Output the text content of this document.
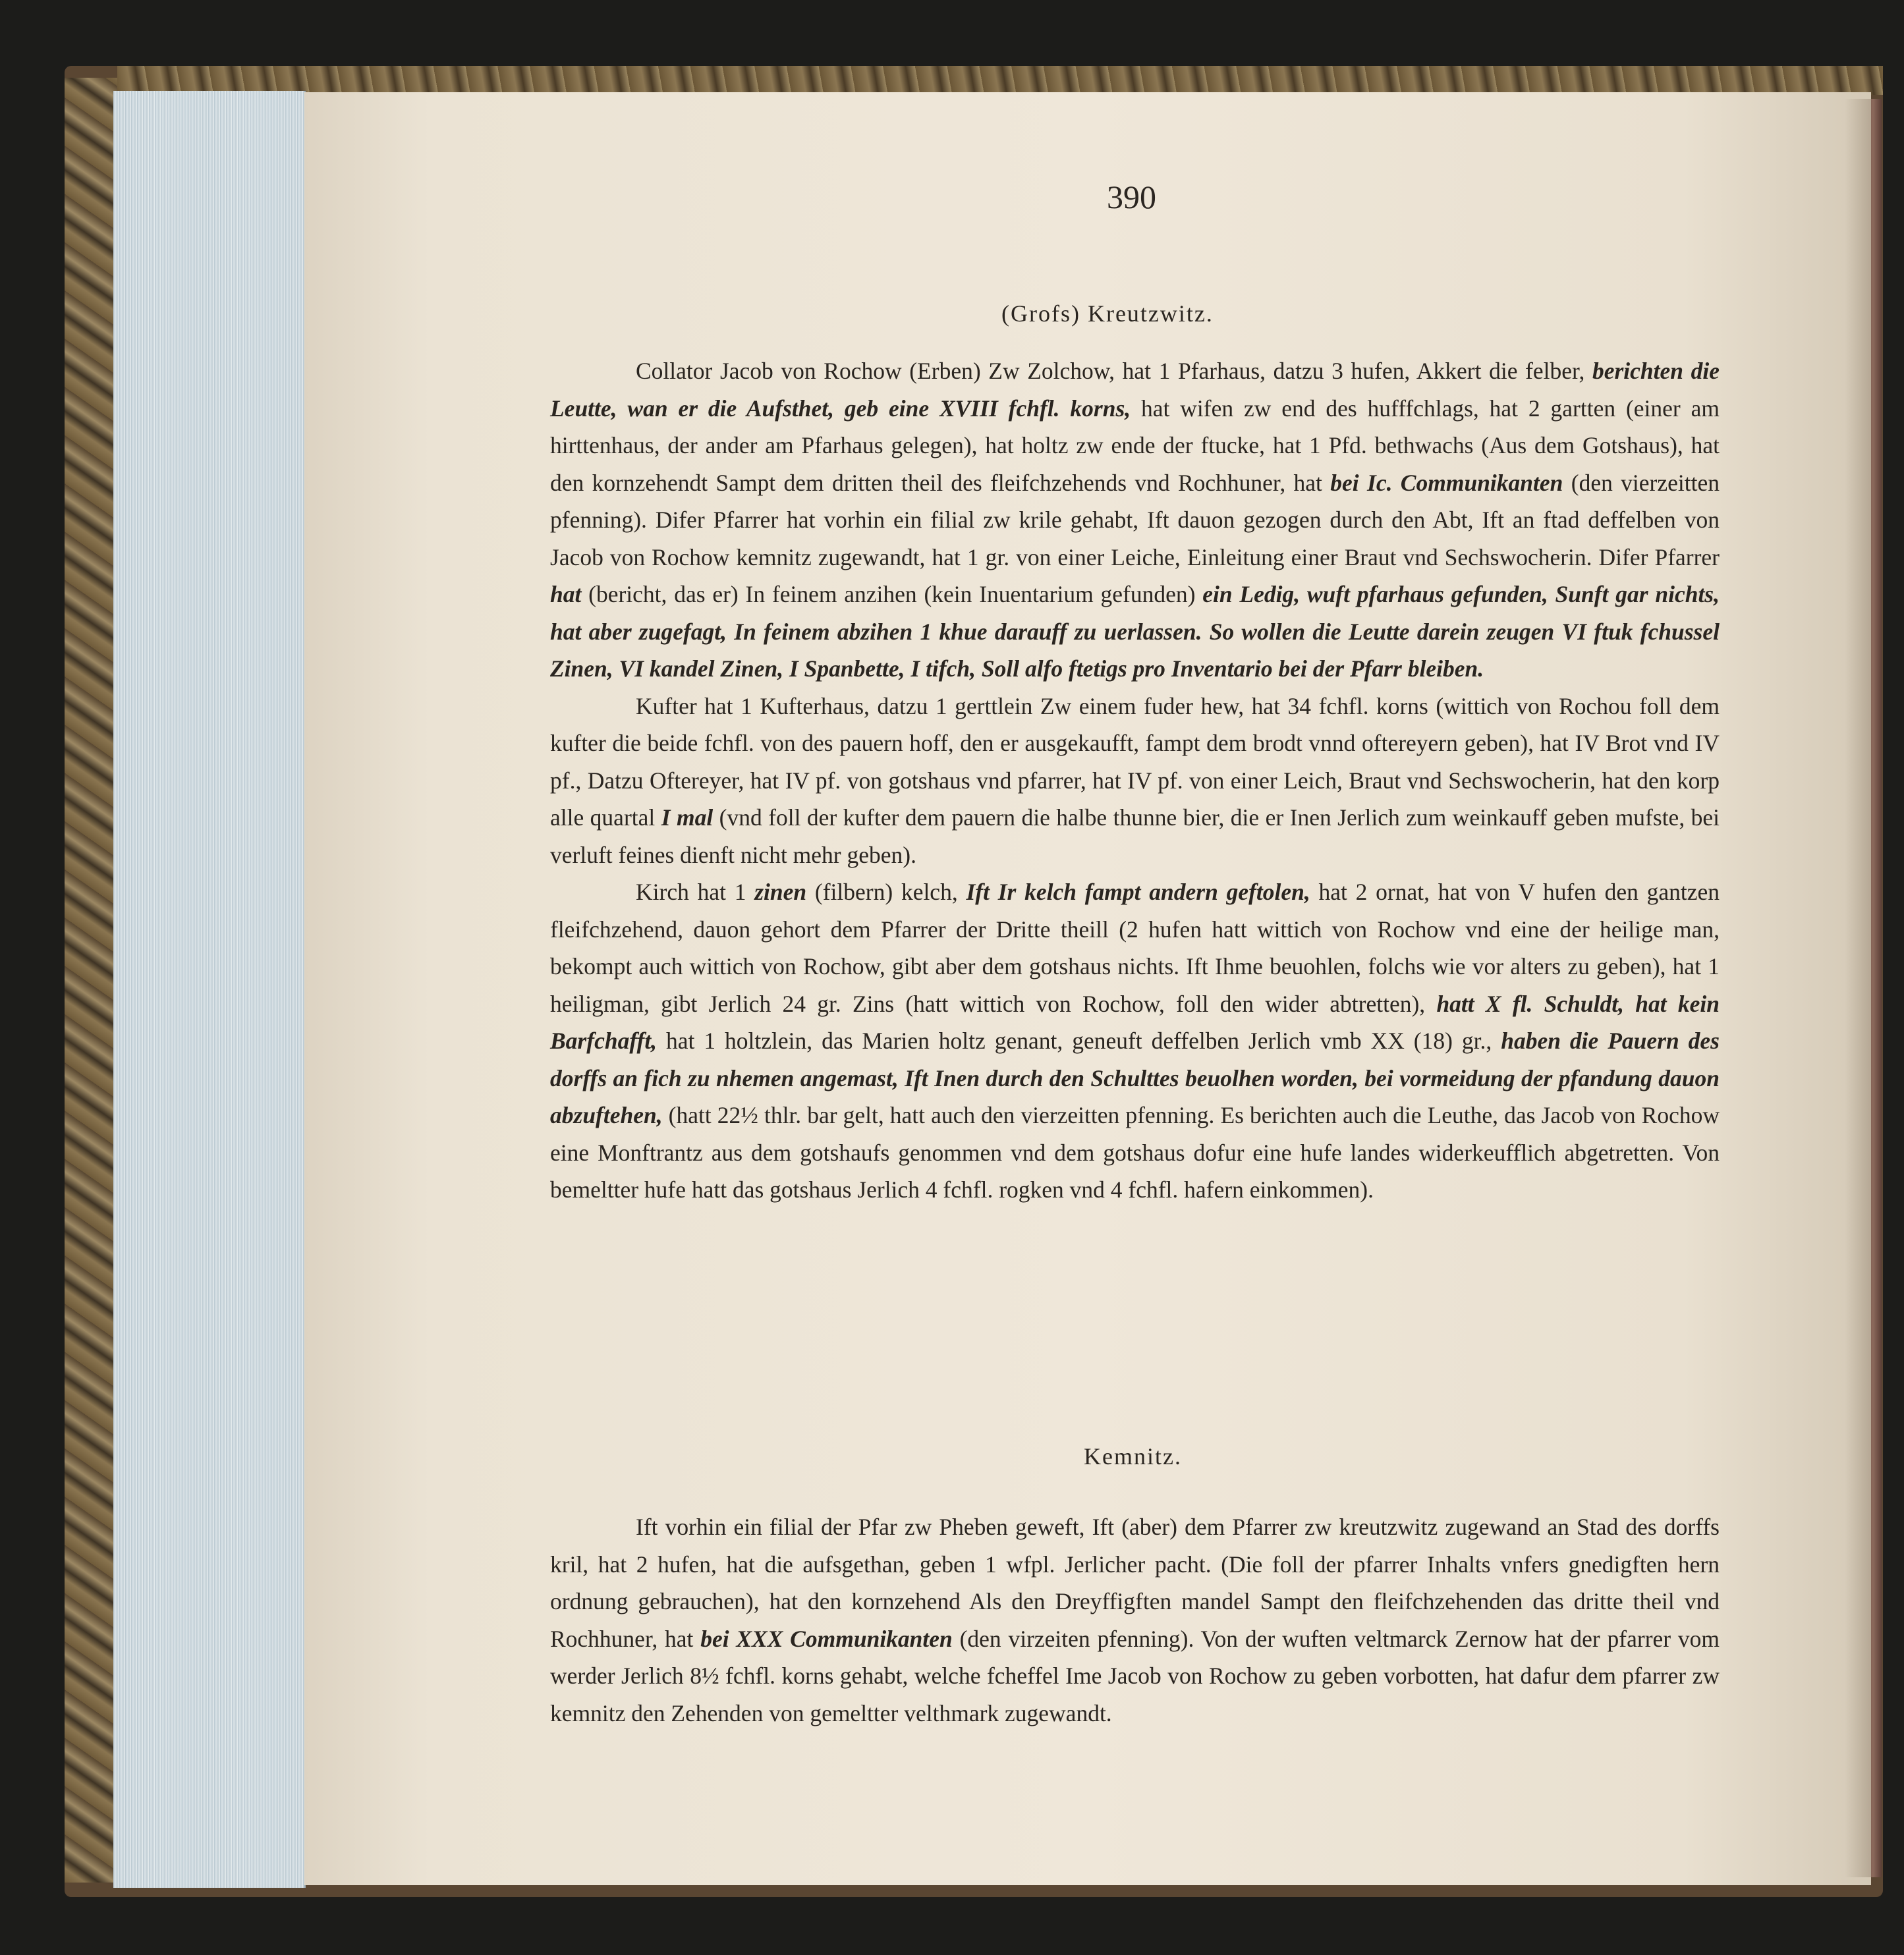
390
(Grofs) Kreutzwitz.

Collator Jacob von Rochow (Erben) Zw Zolchow, hat 1 Pfarhaus, datzu 3 hufen, Akkert die felber, berichten die Leutte, wan er die Aufsthet, geb eine XVIII fchfl. korns, hat wifen zw end des hufffchlags, hat 2 gartten (einer am hirttenhaus, der ander am Pfarhaus gelegen), hat holtz zw ende der ftucke, hat 1 Pfd. bethwachs (Aus dem Gotshaus), hat den kornzehendt Sampt dem dritten theil des fleifchzehends vnd Rochhuner, hat bei Ic. Communikanten (den vierzeitten pfenning). Difer Pfarrer hat vorhin ein filial zw krile gehabt, Ift dauon gezogen durch den Abt, Ift an ftad deffelben von Jacob von Rochow kemnitz zugewandt, hat 1 gr. von einer Leiche, Einleitung einer Braut vnd Sechswocherin. Difer Pfarrer hat (bericht, das er) In feinem anzihen (kein Inuentarium gefunden) ein Ledig, wuft pfarhaus gefunden, Sunft gar nichts, hat aber zugefagt, In feinem abzihen 1 khue darauff zu uerlassen. So wollen die Leutte darein zeugen VI ftuk fchussel Zinen, VI kandel Zinen, I Spanbette, I tifch, Soll alfo ftetigs pro Inventario bei der Pfarr bleiben.

Kufter hat 1 Kufterhaus, datzu 1 gerttlein Zw einem fuder hew, hat 34 fchfl. korns (wittich von Rochou foll dem kufter die beide fchfl. von des pauern hoff, den er ausgekaufft, fampt dem brodt vnnd oftereyern geben), hat IV Brot vnd IV pf., Datzu Oftereyer, hat IV pf. von gotshaus vnd pfarrer, hat IV pf. von einer Leich, Braut vnd Sechswocherin, hat den korp alle quartal I mal (vnd foll der kufter dem pauern die halbe thunne bier, die er Inen Jerlich zum weinkauff geben mufste, bei verluft feines dienft nicht mehr geben).

Kirch hat 1 zinen (filbern) kelch, Ift Ir kelch fampt andern geftolen, hat 2 ornat, hat von V hufen den gantzen fleifchzehend, dauon gehort dem Pfarrer der Dritte theill (2 hufen hatt wittich von Rochow vnd eine der heilige man, bekompt auch wittich von Rochow, gibt aber dem gotshaus nichts. Ift Ihme beuohlen, folchs wie vor alters zu geben), hat 1 heiligman, gibt Jerlich 24 gr. Zins (hatt wittich von Rochow, foll den wider abtretten), hatt X fl. Schuldt, hat kein Barfchafft, hat 1 holtzlein, das Marien holtz genant, geneuft deffelben Jerlich vmb XX (18) gr., haben die Pauern des dorffs an fich zu nhemen angemast, Ift Inen durch den Schulttes beuolhen worden, bei vormeidung der pfandung dauon abzuftehen, (hatt 22½ thlr. bar gelt, hatt auch den vierzeitten pfenning. Es berichten auch die Leuthe, das Jacob von Rochow eine Monftrantz aus dem gotshaufs genommen vnd dem gotshaus dofur eine hufe landes widerkeufflich abgetretten. Von bemeltter hufe hatt das gotshaus Jerlich 4 fchfl. rogken vnd 4 fchfl. hafern einkommen).

Kemnitz.

Ift vorhin ein filial der Pfar zw Pheben geweft, Ift (aber) dem Pfarrer zw kreutzwitz zugewand an Stad des dorffs kril, hat 2 hufen, hat die aufsgethan, geben 1 wfpl. Jerlicher pacht. (Die foll der pfarrer Inhalts vnfers gnedigften hern ordnung gebrauchen), hat den kornzehend Als den Dreyffigften mandel Sampt den fleifchzehenden das dritte theil vnd Rochhuner, hat bei XXX Communikanten (den virzeiten pfenning). Von der wuften veltmarck Zernow hat der pfarrer vom werder Jerlich 8½ fchfl. korns gehabt, welche fcheffel Ime Jacob von Rochow zu geben vorbotten, hat dafur dem pfarrer zw kemnitz den Zehenden von gemeltter velthmark zugewandt.
